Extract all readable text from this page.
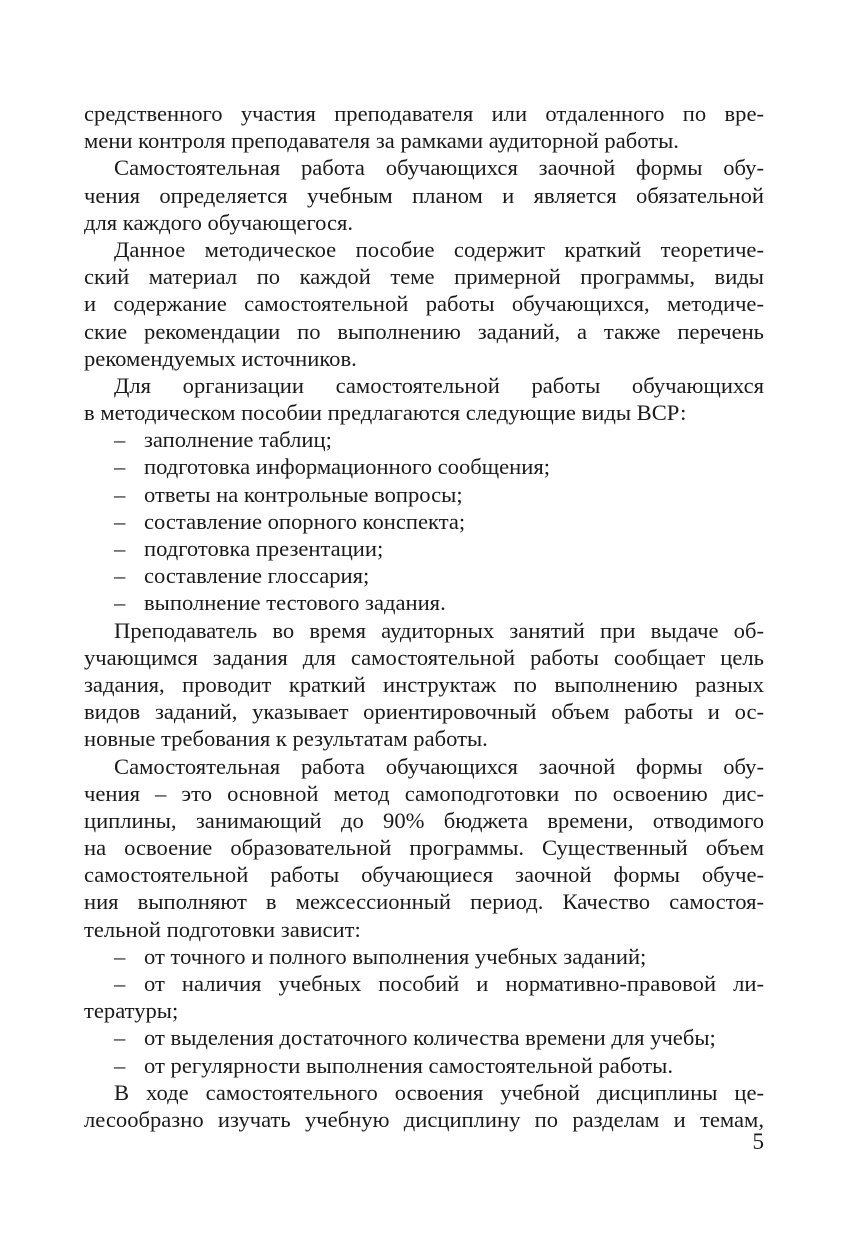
средственного участия преподавателя или отдаленного по вре-
мени контроля преподавателя за рамками аудиторной работы.
Самостоятельная работа обучающихся заочной формы обу-
чения определяется учебным планом и является обязательной
для каждого обучающегося.
Данное методическое пособие содержит краткий теоретиче-
ский материал по каждой теме примерной программы, виды
и содержание самостоятельной работы обучающихся, методиче-
ские рекомендации по выполнению заданий, а также перечень
рекомендуемых источников.
Для организации самостоятельной работы обучающихся
в методическом пособии предлагаются следующие виды ВСР:
– заполнение таблиц;
– подготовка информационного сообщения;
– ответы на контрольные вопросы;
– составление опорного конспекта;
– подготовка презентации;
– составление глоссария;
– выполнение тестового задания.
Преподаватель во время аудиторных занятий при выдаче об-
учающимся задания для самостоятельной работы сообщает цель
задания, проводит краткий инструктаж по выполнению разных
видов заданий, указывает ориентировочный объем работы и ос-
новные требования к результатам работы.
Самостоятельная работа обучающихся заочной формы обу-
чения – это основной метод самоподготовки по освоению дис-
циплины, занимающий до 90% бюджета времени, отводимого
на освоение образовательной программы. Существенный объем
самостоятельной работы обучающиеся заочной формы обуче-
ния выполняют в межсессионный период. Качество самостоя-
тельной подготовки зависит:
– от точного и полного выполнения учебных заданий;
– от наличия учебных пособий и нормативно-правовой ли-
тературы;
– от выделения достаточного количества времени для учебы;
– от регулярности выполнения самостоятельной работы.
В ходе самостоятельного освоения учебной дисциплины це-
лесообразно изучать учебную дисциплину по разделам и темам,
5
